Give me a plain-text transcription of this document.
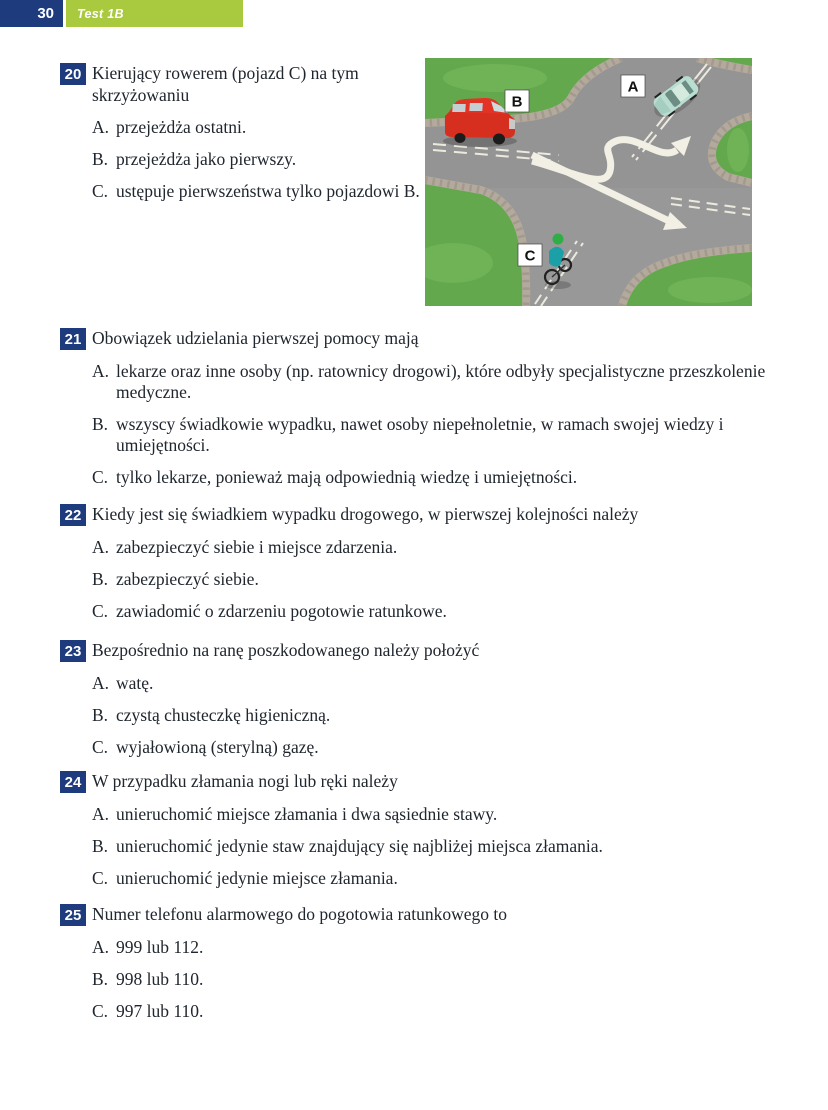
30	Test 1B
20 Kierujący rowerem (pojazd C) na tym skrzyżowaniu

A. przejeżdża ostatni.

B. przejeżdża jako pierwszy.

C. ustępuje pierwszeństwa tylko pojazdowi B.

A
B
C
21 Obowiązek udzielania pierwszej pomocy mają

A. lekarze oraz inne osoby (np. ratownicy drogowi), które odbyły specjalistyczne przeszkolenie medyczne.

B. wszyscy świadkowie wypadku, nawet osoby niepełnoletnie, w ramach swojej wiedzy i umiejętności.

C. tylko lekarze, ponieważ mają odpowiednią wiedzę i umiejętności.

22 Kiedy jest się świadkiem wypadku drogowego, w pierwszej kolejności należy

A. zabezpieczyć siebie i miejsce zdarzenia.

B. zabezpieczyć siebie.

C. zawiadomić o zdarzeniu pogotowie ratunkowe.

23 Bezpośrednio na ranę poszkodowanego należy położyć

A. watę.

B. czystą chusteczkę higieniczną.

C. wyjałowioną (sterylną) gazę.

24 W przypadku złamania nogi lub ręki należy

A. unieruchomić miejsce złamania i dwa sąsiednie stawy.

B. unieruchomić jedynie staw znajdujący się najbliżej miejsca złamania.

C. unieruchomić jedynie miejsce złamania.

25 Numer telefonu alarmowego do pogotowia ratunkowego to

A. 999 lub 112.

B. 998 lub 110.

C. 997 lub 110.
